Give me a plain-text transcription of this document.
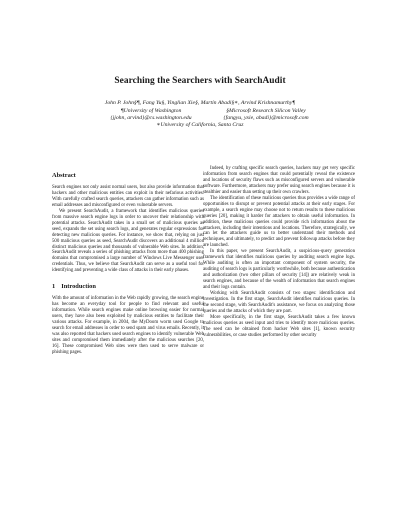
Searching the Searchers with SearchAudit
John P. John§¶, Fang Yu§, Yinglian Xie§, Martín Abadi§∗, Arvind Krishnamurthy¶
¶University of Washington
{jjohn, arvind}@cs.washington.edu
§Microsoft Research Silicon Valley
{fangyu, yxie, abadi}@microsoft.com
∗University of California, Santa Cruz
Abstract

Search engines not only assist normal users, but also provide information that hackers and other malicious entities can exploit in their nefarious activities. With carefully crafted search queries, attackers can gather information such as email addresses and misconfigured or even vulnerable servers.

We present SearchAudit, a framework that identifies malicious queries from massive search engine logs in order to uncover their relationship with potential attacks. SearchAudit takes in a small set of malicious queries as seed, expands the set using search logs, and generates regular expressions for detecting new malicious queries. For instance, we show that, relying on just 500 malicious queries as seed, SearchAudit discovers an additional 4 million distinct malicious queries and thousands of vulnerable Web sites. In addition, SearchAudit reveals a series of phishing attacks from more than 400 phishing domains that compromised a large number of Windows Live Messenger user credentials. Thus, we believe that SearchAudit can serve as a useful tool for identifying and preventing a wide class of attacks in their early phases.

1 Introduction

With the amount of information in the Web rapidly growing, the search engine has become an everyday tool for people to find relevant and useful information. While search engines make online browsing easier for normal users, they have also been exploited by malicious entities to facilitate their various attacks. For example, in 2004, the MyDoom worm used Google to search for email addresses in order to send spam and virus emails. Recently, it was also reported that hackers used search engines to identify vulnerable Web sites and compromised them immediately after the malicious searches [20, 16]. These compromised Web sites were then used to serve malware or phishing pages.

Indeed, by crafting specific search queries, hackers may get very specific information from search engines that could potentially reveal the existence and locations of security flaws such as misconfigured servers and vulnerable software. Furthermore, attackers may prefer using search engines because it is stealthier and easier than setting up their own crawlers.

The identification of these malicious queries thus provides a wide range of opportunities to disrupt or prevent potential attacks at their early stages. For example, a search engine may choose not to return results to these malicious queries [20], making it harder for attackers to obtain useful information. In addition, these malicious queries could provide rich information about the attackers, including their intentions and locations. Therefore, strategically, we can let the attackers guide us to better understand their methods and techniques, and ultimately, to predict and prevent followup attacks before they are launched.

In this paper, we present SearchAudit, a suspicious-query generation framework that identifies malicious queries by auditing search engine logs. While auditing is often an important component of system security, the auditing of search logs is particularly worthwhile, both because authentication and authorization (two other pillars of security [14]) are relatively weak in search engines, and because of the wealth of information that search engines and their logs contain.

Working with SearchAudit consists of two stages: identification and investigation. In the first stage, SearchAudit identifies malicious queries. In the second stage, with SearchAudit's assistance, we focus on analyzing those queries and the attacks of which they are part.

More specifically, in the first stage, SearchAudit takes a few known malicious queries as seed input and tries to identify more malicious queries. The seed can be obtained from hacker Web sites [1], known security vulnerabilities, or case studies performed by other security
